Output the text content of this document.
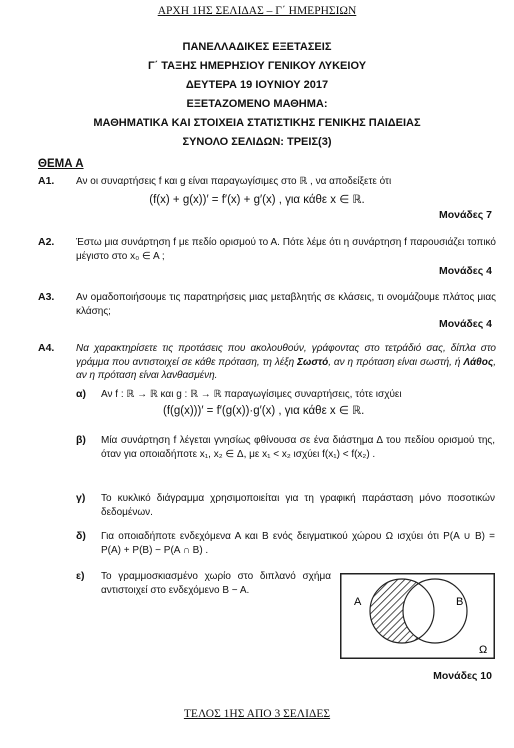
ΑΡΧΗ 1ΗΣ ΣΕΛΙΔΑΣ – Γ΄ ΗΜΕΡΗΣΙΩΝ
ΠΑΝΕΛΛΑΔΙΚΕΣ ΕΞΕΤΑΣΕΙΣ
Γ΄ ΤΑΞΗΣ ΗΜΕΡΗΣΙΟΥ ΓΕΝΙΚΟΥ ΛΥΚΕΙΟΥ
ΔΕΥΤΕΡΑ 19 ΙΟΥΝΙΟΥ 2017
ΕΞΕΤΑΖΟΜΕΝΟ ΜΑΘΗΜΑ:
ΜΑΘΗΜΑΤΙΚΑ ΚΑΙ ΣΤΟΙΧΕΙΑ ΣΤΑΤΙΣΤΙΚΗΣ ΓΕΝΙΚΗΣ ΠΑΙΔΕΙΑΣ
ΣΥΝΟΛΟ ΣΕΛΙΔΩΝ: ΤΡΕΙΣ(3)
ΘΕΜΑ Α
Α1. Αν οι συναρτήσεις f και g είναι παραγωγίσιμες στο ℝ , να αποδείξετε ότι
(f(x) + g(x))′ = f′(x) + g′(x) , για κάθε x ∈ ℝ.
Μονάδες 7
Α2. Έστω μια συνάρτηση f με πεδίο ορισμού το Α. Πότε λέμε ότι η συνάρτηση f παρουσιάζει τοπικό μέγιστο στο x₀ ∈ A ;
Μονάδες 4
Α3. Αν ομαδοποιήσουμε τις παρατηρήσεις μιας μεταβλητής σε κλάσεις, τι ονομάζουμε πλάτος μιας κλάσης;
Μονάδες 4
Α4. Να χαρακτηρίσετε τις προτάσεις που ακολουθούν, γράφοντας στο τετράδιό σας, δίπλα στο γράμμα που αντιστοιχεί σε κάθε πρόταση, τη λέξη Σωστό, αν η πρόταση είναι σωστή, ή Λάθος, αν η πρόταση είναι λανθασμένη.
α) Αν f : ℝ → ℝ και g : ℝ → ℝ παραγωγίσιμες συναρτήσεις, τότε ισχύει
(f(g(x)))′ = f′(g(x))·g′(x) , για κάθε x ∈ ℝ.
β) Μία συνάρτηση f λέγεται γνησίως φθίνουσα σε ένα διάστημα Δ του πεδίου ορισμού της, όταν για οποιαδήποτε x₁, x₂ ∈ Δ, με x₁ < x₂ ισχύει f(x₁) < f(x₂) .
γ) Το κυκλικό διάγραμμα χρησιμοποιείται για τη γραφική παράσταση μόνο ποσοτικών δεδομένων.
δ) Για οποιαδήποτε ενδεχόμενα Α και Β ενός δειγματικού χώρου Ω ισχύει ότι P(A ∪ B) = P(A) + P(B) − P(A ∩ B) .
ε) Το γραμμοσκιασμένο χωρίο στο διπλανό σχήμα αντιστοιχεί στο ενδεχόμενο Β − Α.
A	B
Ω
Μονάδες 10
ΤΕΛΟΣ 1ΗΣ ΑΠΟ 3 ΣΕΛΙΔΕΣ
